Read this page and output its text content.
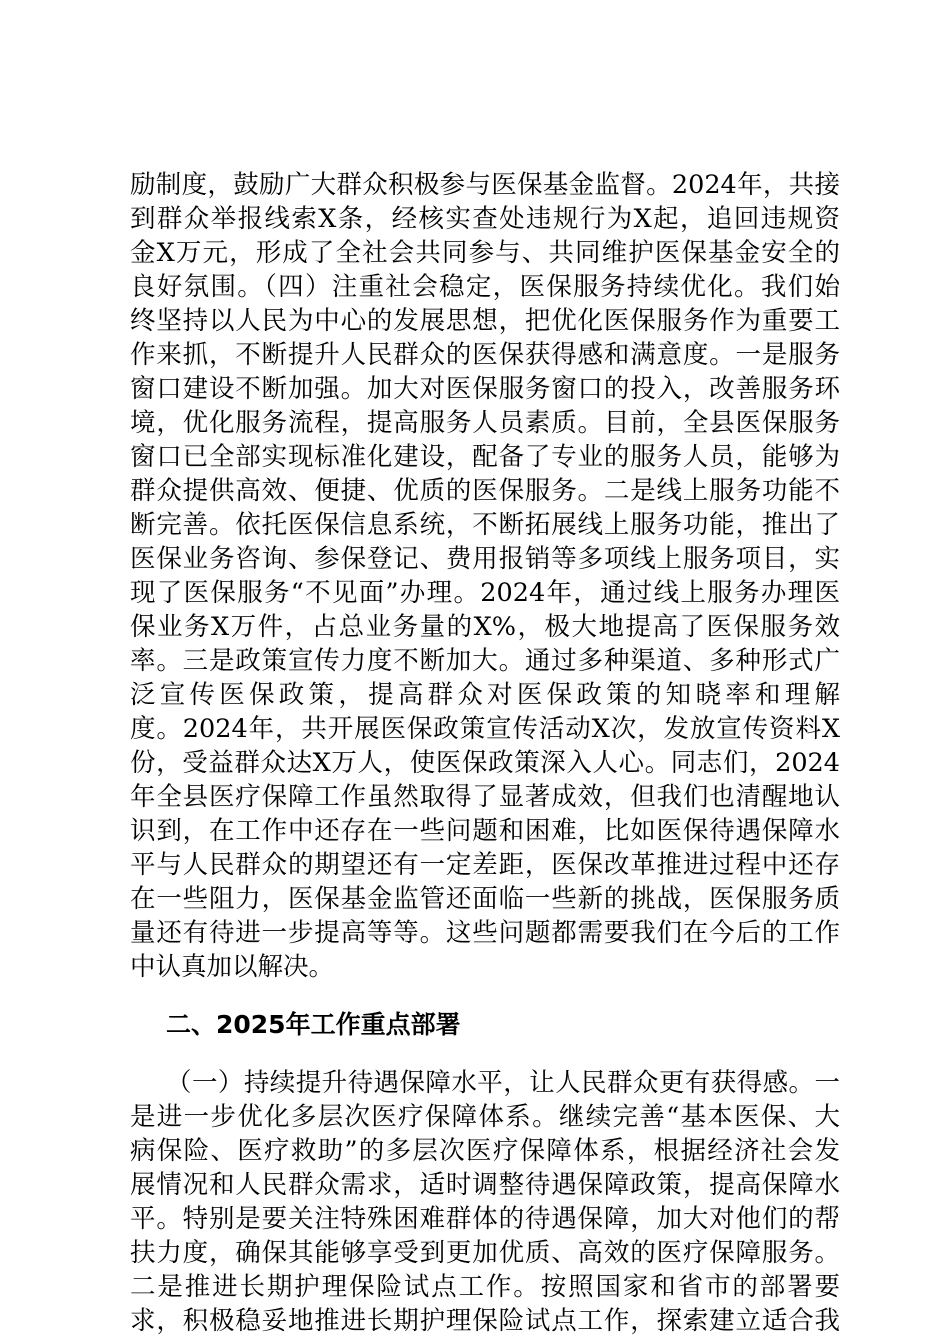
励制度，鼓励广大群众积极参与医保基金监督。2024年，共接
到群众举报线索X条，经核实查处违规行为X起，追回违规资
金X万元，形成了全社会共同参与、共同维护医保基金安全的
良好氛围。（四）注重社会稳定，医保服务持续优化。我们始
终坚持以人民为中心的发展思想，把优化医保服务作为重要工
作来抓，不断提升人民群众的医保获得感和满意度。一是服务
窗口建设不断加强。加大对医保服务窗口的投入，改善服务环
境，优化服务流程，提高服务人员素质。目前，全县医保服务
窗口已全部实现标准化建设，配备了专业的服务人员，能够为
群众提供高效、便捷、优质的医保服务。二是线上服务功能不
断完善。依托医保信息系统，不断拓展线上服务功能，推出了
医保业务咨询、参保登记、费用报销等多项线上服务项目，实
现了医保服务“不见面”办理。2024年，通过线上服务办理医
保业务X万件，占总业务量的X%，极大地提高了医保服务效
率。三是政策宣传力度不断加大。通过多种渠道、多种形式广
泛宣传医保政策，提高群众对医保政策的知晓率和理解
度。2024年，共开展医保政策宣传活动X次，发放宣传资料X
份，受益群众达X万人，使医保政策深入人心。同志们，2024
年全县医疗保障工作虽然取得了显著成效，但我们也清醒地认
识到，在工作中还存在一些问题和困难，比如医保待遇保障水
平与人民群众的期望还有一定差距，医保改革推进过程中还存
在一些阻力，医保基金监管还面临一些新的挑战，医保服务质
量还有待进一步提高等等。这些问题都需要我们在今后的工作
中认真加以解决。
二、2025年工作重点部署
（一）持续提升待遇保障水平，让人民群众更有获得感。一
是进一步优化多层次医疗保障体系。继续完善“基本医保、大
病保险、医疗救助”的多层次医疗保障体系，根据经济社会发
展情况和人民群众需求，适时调整待遇保障政策，提高保障水
平。特别是要关注特殊困难群体的待遇保障，加大对他们的帮
扶力度，确保其能够享受到更加优质、高效的医疗保障服务。
二是推进长期护理保险试点工作。按照国家和省市的部署要
求，积极稳妥地推进长期护理保险试点工作，探索建立适合我
